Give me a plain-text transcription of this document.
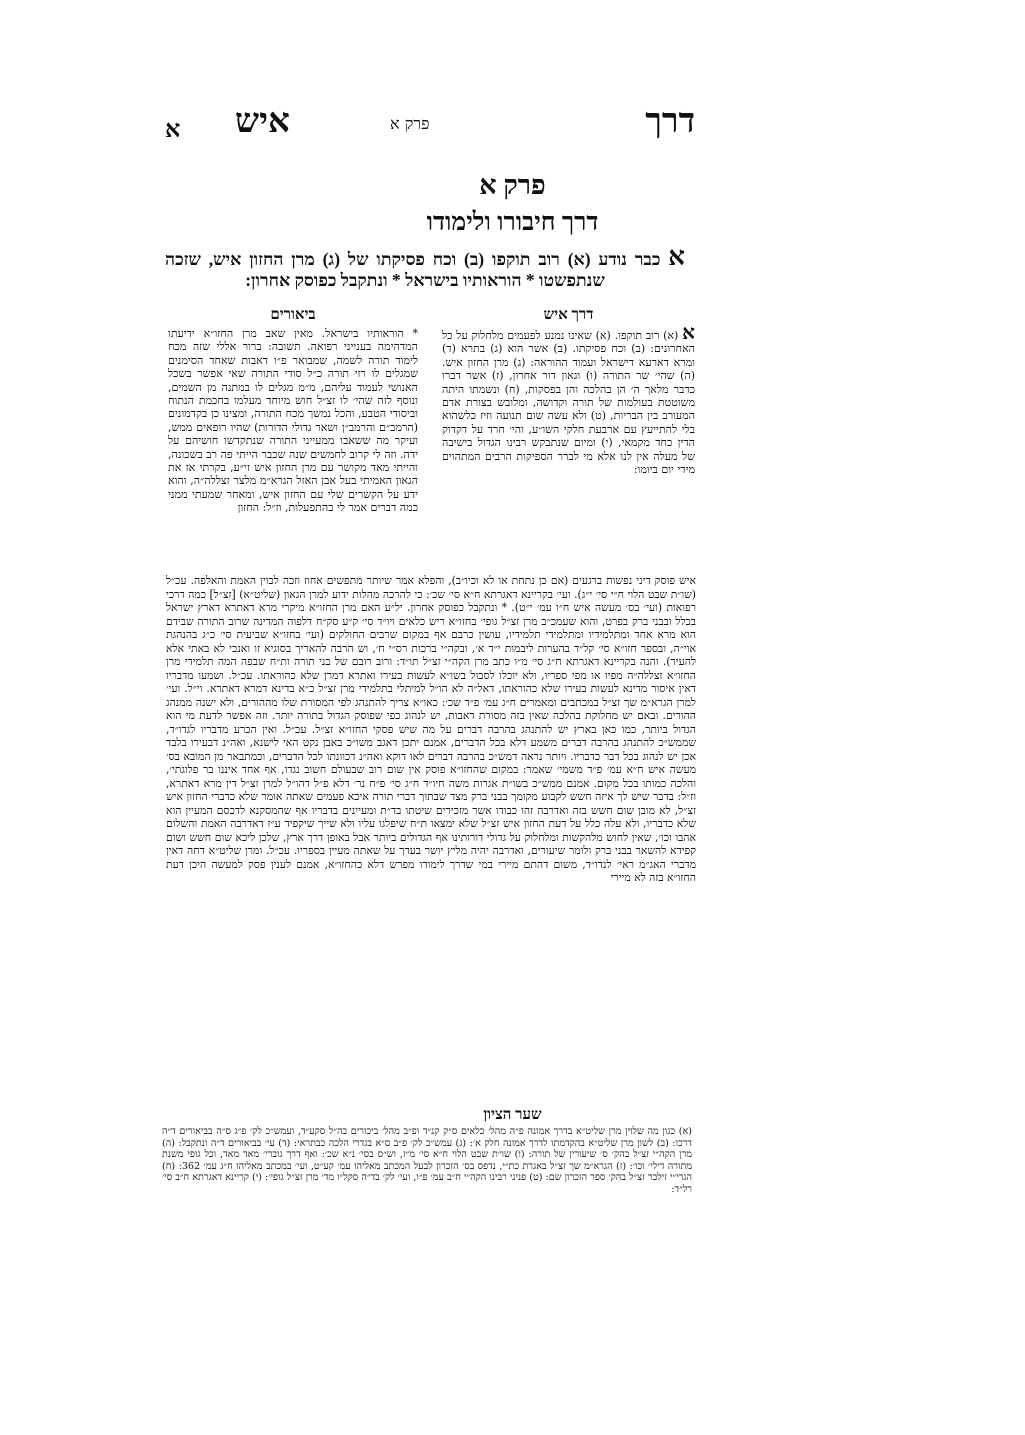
דרך
פרק א
איש
א
פרק א
דרך חיבורו ולימודו
א כבר נודע (א) רוב תוקפו (ב) וכח פסיקתו של (ג) מרן החזון איש, שזכה שנתפשטו * הוראותיו בישראל * ונתקבל כפוסק אחרון:
דרך איש
א (א) רוב תוקפו. (א) שאינו נמנע לפעמים מלחלוק על כל האחרונים: (ב) וכח פסיקתו. (ב) אשר הוא (ג) בתרא (ד) ומרא דארעא דישראל ועמוד ההוראה: (ג) מרן החזון איש. (ה) שהי׳ שר התורה (ו) וגאון דור אחרון, (ז) אשר דברו כדבר מלאך ה׳ הן בהלכה והן בפסקות, (ח) ונשמתו היתה משוטטת בעולמות של תורה וקדושה, ומלובש בצורת אדם המעורב בין הבריות, (ט) ולא עשה שום תנועה וזיז כלשהוא בלי להתייעץ עם ארבעת חלקי השו״ע, והי׳ חרד על דקדוק הדין כחד מקמאי, (י) ומיום שנתבקש רבינו הגדול בישיבה של מעלה אין לנו אלא מי לברר הספיקות הרבים המתהוים מידי יום ביומו:
ביאורים
* הוראותיו בישראל. מאין שאב מרן החזו״א ידיעתו המדהימה בענייני רפואה. תשובה: ברור אללי שזה מכח לימוד תורה לשמה, שמבואר פ״ו דאבות שאחד הסימנים שמגלים לו רזי תורה כ״ל סודי התורה שאי אפשר בשכל האנושי לעמוד עליהם, מ״מ מגלים לו במתנה מן השמים, ונוסף לזה שהי׳ לו זצ״ל חוש מיוחד מעלמו בחכמת הנתוח וביסודי הטבע, והכל נמשך מכח התורה, ומצינו כן בקדמונים (הרמב״ם והרמב״ן ושאר גדולי הדורות) שהיו רופאים ממש, ועיקר מה ששאבו ממעייני התורה שנתקדשו חושיהם על ידה. וזה לי קרוב לחמשים שנה שכבר הייתי פה רב בשכונה, והייתי מאד מקושר עם מרן החזון איש זי״ע, בקרתי אז את הגאון האמיתי בעל אבן האזל הגרא״מ מלצר זצללה״ה, והוא ידע על הקשרים שלי עם החזון איש, ומאחר שמעתי ממני כמה דברים אמר לי בהתפעלות, וז״ל: החזון
איש פוסק דיני נפשות ברגעים (אם כן נתחת או לא וכיו״ב), והפלא אמר שיותר מתפשים אחוז וזכה לכוין האמת והאלפה. עכ״ל (שו״ת שבט הלוי ח״י סי׳ י״ג). ועי׳ בקריינא דאגרתא ח״א סי׳ שכ׳: כי להרכה מהלות ידוע למרן הגאון (שליט״א) [זצ״ל] כמה דרכי רפואות (ועי׳ בס׳ מעשה איש ח״ו עמ׳ י״ט). * ונתקבל כפוסק אחרון. יל״ע האם מרן החזו״א מיקרי מרא דאתרא דארץ ישראל בכלל ובבני ברק בפרט, והוא שעמכ״ב מרן זצ״ל גופי׳ בחזו״א ריש כלאים ויו״ד סי׳ ק״ע סק״ח דלפוה המדינה שרוב התורה שבידם הוא מרא אחד ומתלמידיו ומתלמידי תלמידיו, עושין כרבם אף במקום שרבים החולקים (ועי׳ בחזו״א שביעית סי׳ כ״ג בהנהגת אוי״ה, ובספר חזו״א סי׳ קל״ד בהערות ליבמות י״ד א׳, ובקה״י ברכות רס״י ח׳, וש הרבה להאריך בסוגיא זו ואנכי לא באתי אלא להעיר). והנה בקריינא דאגרתא ח״ג סי׳ מ״ו כתב מרן הקה״י זצ״ל תו״ד: ורוב רובם של בני תורה ות״ח שבפה המה תלמידי מרן החזו״א זצללה״ה מפיו או מפי ספריו, ולא יוכלו לסבול בשו״א לעשות בעירו ואתרא דמרן שלא כהוראתו. עכ״ל. ושמעו מדבריו דאין איסור מדינא לעשות בעירו שלא כהוראתו, דאל״ה לא הו״ל למיתלי בתלמידי מרן זצ״ל כ״א בדינא דמרא דאתרא. וי״ל. ועי׳ למרן הגרא״מ שך זצ״ל במכתבים ומאמרים ח״ג עמ׳ פ״ד שכ׳: כאו״א צריך להתנהג לפי המסורת שלו מההורים, ולא ישנה ממנהג ההורים. ובאם יש מחלוקת בהלכה שאין בזה מסורת דאבות, יש לנהוג כפי שפוסק הגדול בתורה יותר. וזה אפשר לדעת מי הוא הגדול ביותר, כמו כאן בארץ יש להתנהג בהרבה דברים על מה שיש פסקי החזו״א זצ״ל. עכ״ל. ואין הכרע מדבריו לגדו״ד, שממש״כ להתנהג בהרבה דברים משמע דלא בכל הדברים, אמנם יתכן דאגב משו״כ באבן נקט האי לישנא, ואה״נ דבעירו בלבד אכן יש לנהוג בכל דבר כדבריו. ויותר נראה דמש״כ בהרבה דברים לאו דוקא ואה״נ דכוונתו לכל הדברים, וכמתבאר מן המובא בס׳ מעשה איש ח״א עמ׳ פ״ד משמי׳ שאמר: במקום שהחזו״א פוסק אין שום רוב שבעולם חשוב נגדו, אף אחד איננו בר פלוגתי׳, והלכה כמותו בכל מקום. אמנם ממש״כ בשו״ת אגרות משה חיו״ד ח״ג סי׳ פ״ח נר׳ דלא פ״ל דהו״ל למרן זצ״ל דין מרא דאתרא, וז״ל: בדבר שיש לך איזה חשש לקבוע מקומך בבני ברק מצד שבתוך דברי תורה איכא פעמים שאתה אומר שלא כדברי החזון איש זצ״ל, לא מובן שום חשש בזה ואדרבה זהו כבודו אשר מזכירים שיטתו בד״ת ומעיינים בדבריו אף שהמסקנא לדכסם המעיין הוא שלא כדבריו, ולא עלה כלל על דעת החזון איש זצ״ל שלא ימצאו ת״ח שיפלגו עליו ולא שייך שיקפיד ע״ז דאדרבה האמת והשלום אהבו וכו׳, שאין לחוש מלהקשות ומלחלוק על גדולי דורותינו אף הגדולים ביותר אבל באופן דרך ארץ, שלכן ליכא שום חשש ושום קפידא להשאר בבני ברק ולומר שיעורים, ואדרבה יהיה מליץ יושר בעדך על שאתה מעיין בספריו. עכ״ל. ומרן שליט״א דחה דאין מדברי האג״מ ראי׳ לנדו״ד, משום דהתם מיירי במי שדרך לימודו מפרש דלא כהחזו״א, אמנם לענין פסק למעשה היכן דעת החזו״א בזה לא מיירי
שער הציון
(א) כגון מה שלוין מרן שליט״א בדרך אמונה פ״ה מהל׳ כלאים ס״ק קנ״ד ופ״ב מהל׳ ביכורים בה״ל סקע״ד, ועמש״כ לק׳ פ״ג ס״ה בביאורים ד״ה דרכו: (ב) לשון מרן שליט״א בהקדמתו לדרך אמונה חלק א׳: (ג) עמש״כ לק׳ פ״ב ס״א בגדרי הלכה כבתראי: (ד) עי׳ בביאורים ד״ה ונתקבל: (ה) מרן הקה״י זצ״ל בהק׳ ס׳ שיעורין של תורה: (ו) שו״ת שבט הלוי ח״א סי׳ מ״ז, וש״ס בסי׳ נ״א שכ׳: ואף דרך גוברי׳ מאד מאד, וכל גופי משנת מתורה דילי׳ וכו׳: (ז) הגרא״מ שך זצ״ל באגרת כת״י, נדפס בס׳ הזכרון לבעל המכתב מאליהו עמ׳ קע״ט, ועי׳ במכתב מאליהו ח״ג עמ׳ 362: (ח) הגרי״י זילבר זצ״ל בהק׳ ספר הזכרון שם: (ט) פניני רבינו הקה״י ח״ב עמ׳ פ״ו, ועי׳ לק׳ בד״ה סקל״ו מד׳ מרן זצ״ל גופי׳: (י) קריינא דאגרתא ח״ב סי׳ רל״ד:
